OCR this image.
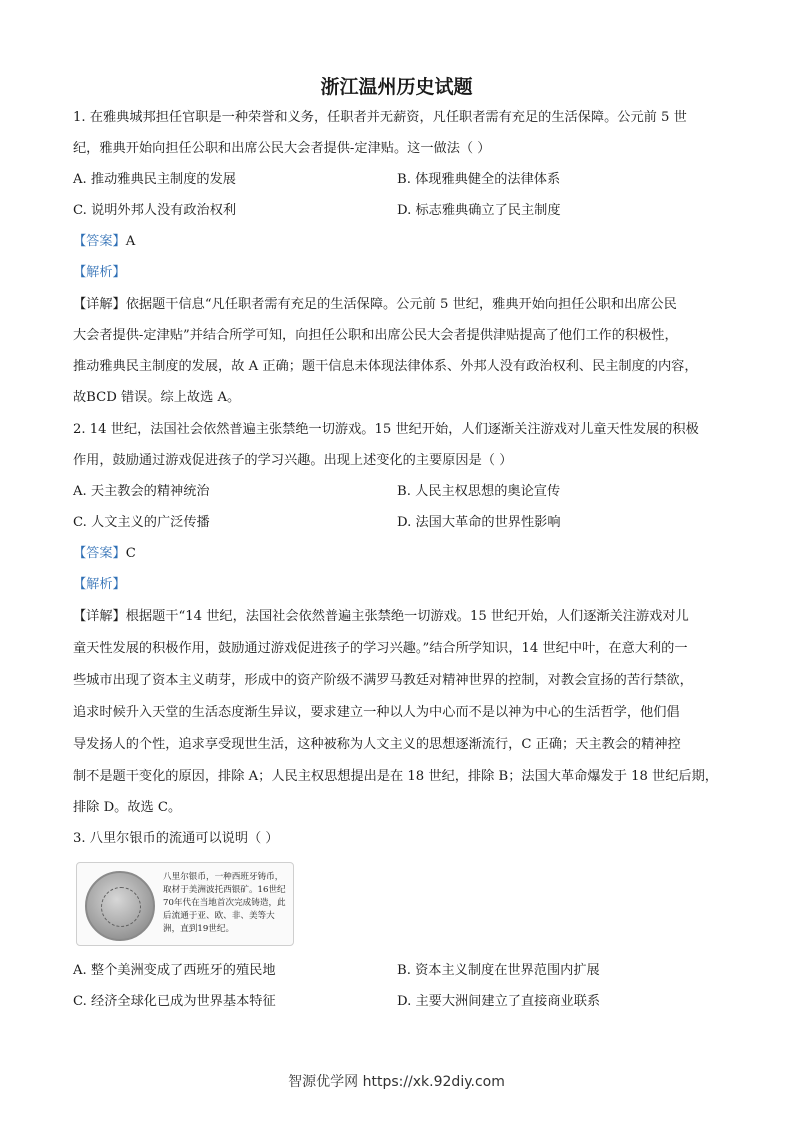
浙江温州历史试题
1. 在雅典城邦担任官职是一种荣誉和义务，任职者并无薪资，凡任职者需有充足的生活保障。公元前 5 世
纪，雅典开始向担任公职和出席公民大会者提供-定津贴。这一做法（ ）
A. 推动雅典民主制度的发展	B. 体现雅典健全的法律体系
C. 说明外邦人没有政治权利	D. 标志雅典确立了民主制度
【答案】A
【解析】
【详解】依据题干信息“凡任职者需有充足的生活保障。公元前 5 世纪，雅典开始向担任公职和出席公民
大会者提供-定津贴”并结合所学可知，向担任公职和出席公民大会者提供津贴提高了他们工作的积极性，
推动雅典民主制度的发展，故 A 正确；题干信息未体现法律体系、外邦人没有政治权利、民主制度的内容，
故BCD 错误。综上故选 A。
2. 14 世纪，法国社会依然普遍主张禁绝一切游戏。15 世纪开始，人们逐渐关注游戏对儿童天性发展的积极
作用，鼓励通过游戏促进孩子的学习兴趣。出现上述变化的主要原因是（ ）
A. 天主教会的精神统治	B. 人民主权思想的奥论宣传
C. 人文主义的广泛传播	D. 法国大革命的世界性影响
【答案】C
【解析】
【详解】根据题干“14 世纪，法国社会依然普遍主张禁绝一切游戏。15 世纪开始，人们逐渐关注游戏对儿
童天性发展的积极作用，鼓励通过游戏促进孩子的学习兴趣。”结合所学知识，14 世纪中叶，在意大利的一
些城市出现了资本主义萌芽，形成中的资产阶级不满罗马教廷对精神世界的控制，对教会宣扬的苦行禁欲，
追求时候升入天堂的生活态度渐生异议，要求建立一种以人为中心而不是以神为中心的生活哲学，他们倡
导发扬人的个性，追求享受现世生活，这种被称为人文主义的思想逐渐流行，C 正确；天主教会的精神控
制不是题干变化的原因，排除 A；人民主权思想提出是在 18 世纪，排除 B；法国大革命爆发于 18 世纪后期，
排除 D。故选 C。
3. 八里尔银币的流通可以说明（ ）
八里尔银币，一种西班牙铸币，取材于美洲波托西银矿。16世纪70年代在当地首次完成铸造，此后流通于亚、欧、非、美等大洲，直到19世纪。
A. 整个美洲变成了西班牙的殖民地	B. 资本主义制度在世界范围内扩展
C. 经济全球化已成为世界基本特征	D. 主要大洲间建立了直接商业联系
智源优学网 https://xk.92diy.com
